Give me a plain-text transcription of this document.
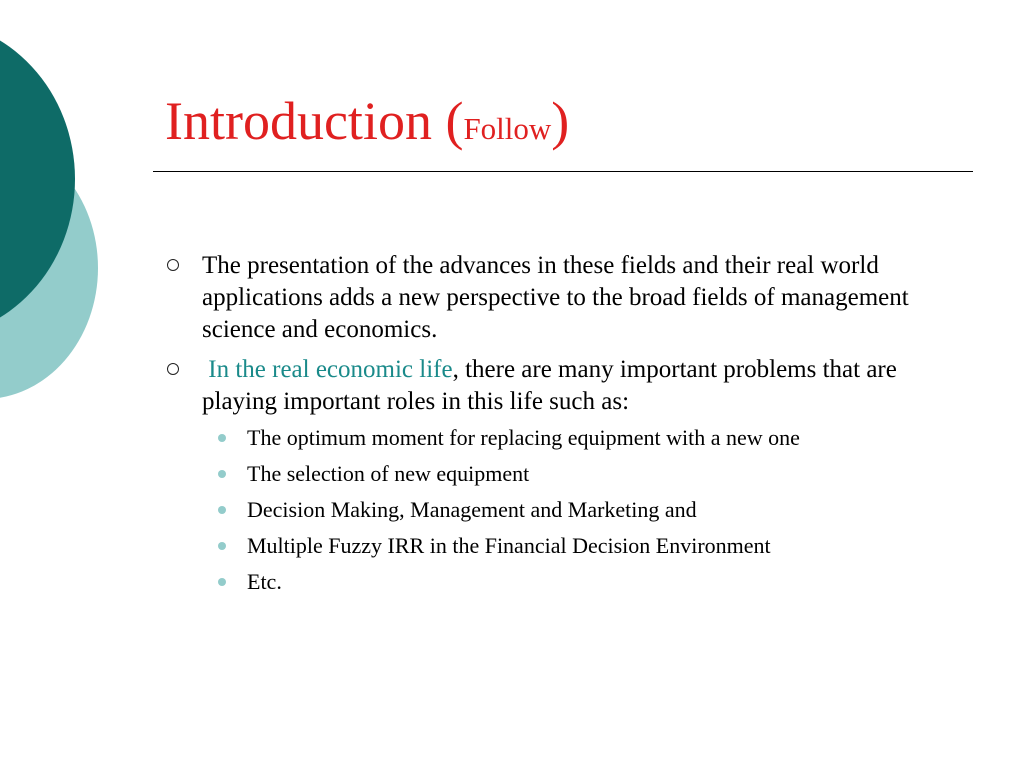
Introduction (Follow)
The presentation of the advances in these fields and their real world applications adds a new perspective to the broad fields of management science and economics.
In the real economic life, there are many important problems that are playing important roles in this life such as:
The optimum moment for replacing equipment with a new one
The selection of new equipment
Decision Making, Management and Marketing and
Multiple Fuzzy IRR in the Financial Decision Environment
Etc.
